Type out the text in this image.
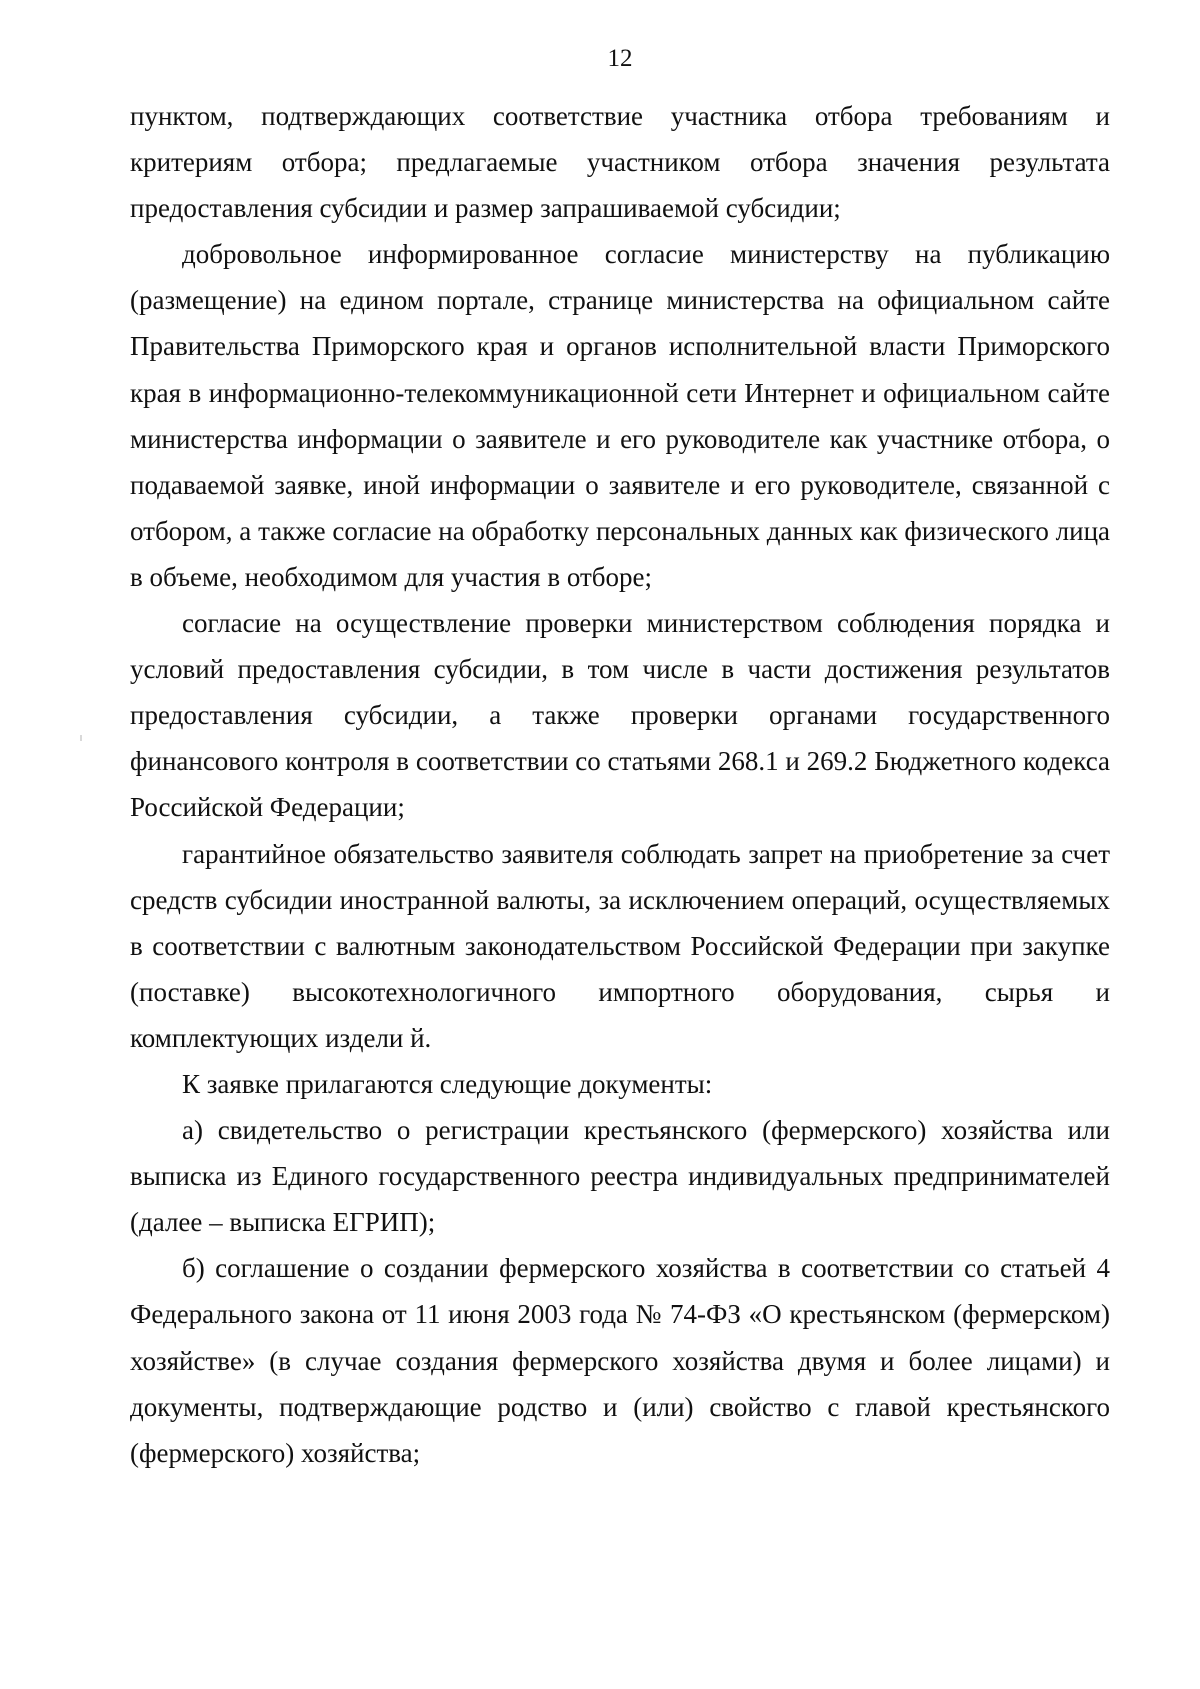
12

пунктом, подтверждающих соответствие участника отбора требованиям и критериям отбора; предлагаемые участником отбора значения результата предоставления субсидии и размер запрашиваемой субсидии;

добровольное информированное согласие министерству на публикацию (размещение) на едином портале, странице министерства на официальном сайте Правительства Приморского края и органов исполнительной власти Приморского края в информационно-телекоммуникационной сети Интернет и официальном сайте министерства информации о заявителе и его руководителе как участнике отбора, о подаваемой заявке, иной информации о заявителе и его руководителе, связанной с отбором, а также согласие на обработку персональных данных как физического лица в объеме, необходимом для участия в отборе;

согласие на осуществление проверки министерством соблюдения порядка и условий предоставления субсидии, в том числе в части достижения результатов предоставления субсидии, а также проверки органами государственного финансового контроля в соответствии со статьями 268.1 и 269.2 Бюджетного кодекса Российской Федерации;

гарантийное обязательство заявителя соблюдать запрет на приобретение за счет средств субсидии иностранной валюты, за исключением операций, осуществляемых в соответствии с валютным законодательством Российской Федерации при закупке (поставке) высокотехнологичного импортного оборудования, сырья и комплектующих издели й.

К заявке прилагаются следующие документы:

а) свидетельство о регистрации крестьянского (фермерского) хозяйства или выписка из Единого государственного реестра индивидуальных предпринимателей (далее – выписка ЕГРИП);

б) соглашение о создании фермерского хозяйства в соответствии со статьей 4 Федерального закона от 11 июня 2003 года № 74-ФЗ «О крестьянском (фермерском) хозяйстве» (в случае создания фермерского хозяйства двумя и более лицами) и документы, подтверждающие родство и (или) свойство с главой крестьянского (фермерского) хозяйства;
